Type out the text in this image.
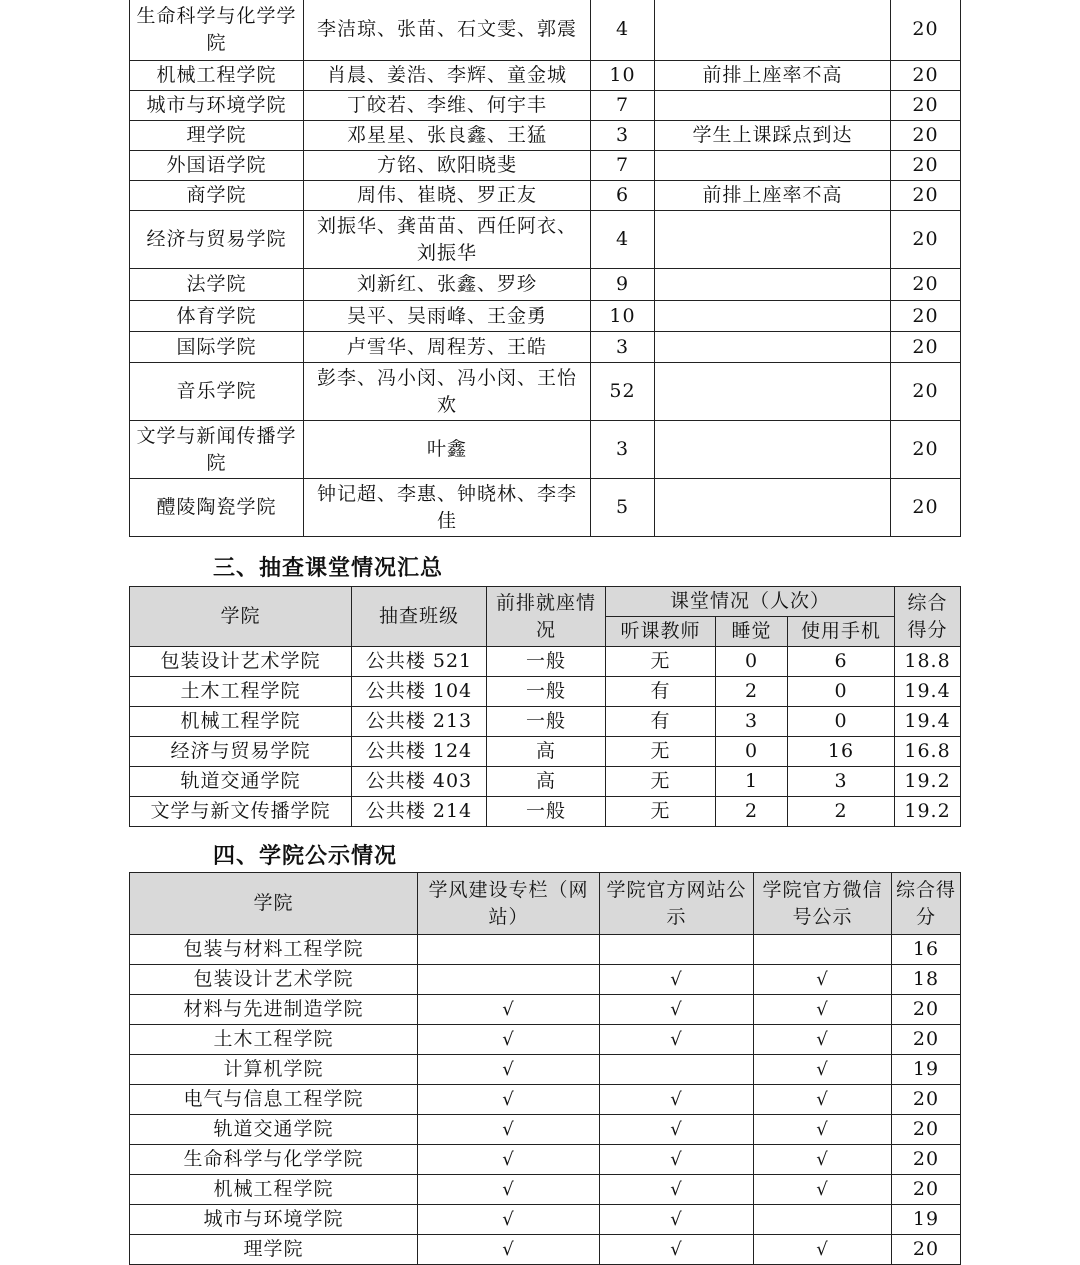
生命科学与化学学院	李洁琼、张苗、石文雯、郭震	4		20
机械工程学院	肖晨、姜浩、李辉、童金城	10	前排上座率不高	20
城市与环境学院	丁皎若、李维、何宇丰	7		20
理学院	邓星星、张良鑫、王猛	3	学生上课踩点到达	20
外国语学院	方铭、欧阳晓斐	7		20
商学院	周伟、崔晓、罗正友	6	前排上座率不高	20
经济与贸易学院	刘振华、龚苗苗、西任阿衣、刘振华	4		20
法学院	刘新红、张鑫、罗珍	9		20
体育学院	吴平、吴雨峰、王金勇	10		20
国际学院	卢雪华、周程芳、王皓	3		20
音乐学院	彭李、冯小闵、冯小闵、王怡欢	52		20
文学与新闻传播学院	叶鑫	3		20
醴陵陶瓷学院	钟记超、李惠、钟晓林、李李佳	5		20
三、抽查课堂情况汇总
学院	抽查班级	前排就座情况	课堂情况（人次）			综合得分
			听课教师	睡觉	使用手机	
包装设计艺术学院	公共楼 521	一般	无	0	6	18.8
土木工程学院	公共楼 104	一般	有	2	0	19.4
机械工程学院	公共楼 213	一般	有	3	0	19.4
经济与贸易学院	公共楼 124	高	无	0	16	16.8
轨道交通学院	公共楼 403	高	无	1	3	19.2
文学与新文传播学院	公共楼 214	一般	无	2	2	19.2
四、学院公示情况
学院	学风建设专栏（网站）	学院官方网站公示	学院官方微信号公示	综合得分
包装与材料工程学院				16
包装设计艺术学院		√	√	18
材料与先进制造学院	√	√	√	20
土木工程学院	√	√	√	20
计算机学院	√		√	19
电气与信息工程学院	√	√	√	20
轨道交通学院	√	√	√	20
生命科学与化学学院	√	√	√	20
机械工程学院	√	√	√	20
城市与环境学院	√	√		19
理学院	√	√	√	20
